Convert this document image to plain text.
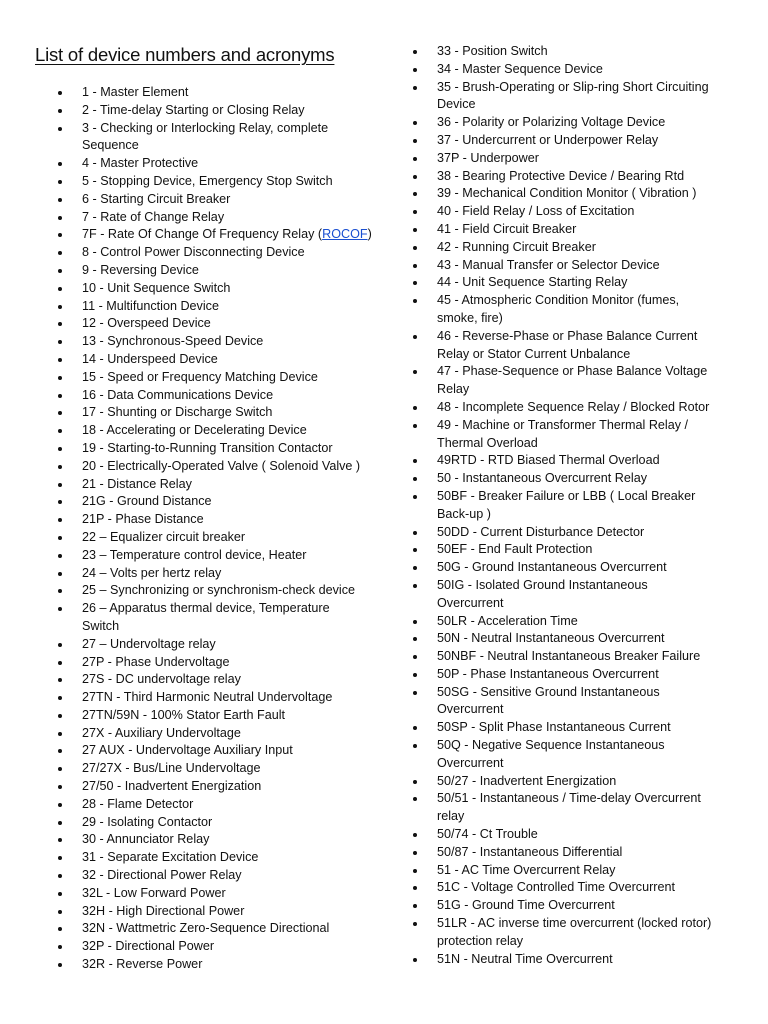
List of device numbers and acronyms
1 - Master Element
2 - Time-delay Starting or Closing Relay
3 - Checking or Interlocking Relay, complete
Sequence
4 - Master Protective
5 - Stopping Device, Emergency Stop Switch
6 - Starting Circuit Breaker
7 - Rate of Change Relay
7F - Rate Of Change Of Frequency Relay (ROCOF)
8 - Control Power Disconnecting Device
9 - Reversing Device
10 - Unit Sequence Switch
11 - Multifunction Device
12 - Overspeed Device
13 - Synchronous-Speed Device
14 - Underspeed Device
15 - Speed or Frequency Matching Device
16 - Data Communications Device
17 - Shunting or Discharge Switch
18 - Accelerating or Decelerating Device
19 - Starting-to-Running Transition Contactor
20 - Electrically-Operated Valve ( Solenoid Valve )
21 - Distance Relay
21G - Ground Distance
21P - Phase Distance
22 – Equalizer circuit breaker
23 – Temperature control device, Heater
24 – Volts per hertz relay
25 – Synchronizing or synchronism-check device
26 – Apparatus thermal device, Temperature
Switch
27 – Undervoltage relay
27P - Phase Undervoltage
27S - DC undervoltage relay
27TN - Third Harmonic Neutral Undervoltage
27TN/59N - 100% Stator Earth Fault
27X - Auxiliary Undervoltage
27 AUX - Undervoltage Auxiliary Input
27/27X - Bus/Line Undervoltage
27/50 - Inadvertent Energization
28 - Flame Detector
29 - Isolating Contactor
30 - Annunciator Relay
31 - Separate Excitation Device
32 - Directional Power Relay
32L - Low Forward Power
32H - High Directional Power
32N - Wattmetric Zero-Sequence Directional
32P - Directional Power
32R - Reverse Power
33 - Position Switch
34 - Master Sequence Device
35 - Brush-Operating or Slip-ring Short Circuiting
Device
36 - Polarity or Polarizing Voltage Device
37 - Undercurrent or Underpower Relay
37P - Underpower
38 - Bearing Protective Device / Bearing Rtd
39 - Mechanical Condition Monitor ( Vibration )
40 - Field Relay / Loss of Excitation
41 - Field Circuit Breaker
42 - Running Circuit Breaker
43 - Manual Transfer or Selector Device
44 - Unit Sequence Starting Relay
45 - Atmospheric Condition Monitor (fumes,
smoke, fire)
46 - Reverse-Phase or Phase Balance Current
Relay or Stator Current Unbalance
47 - Phase-Sequence or Phase Balance Voltage
Relay
48 - Incomplete Sequence Relay / Blocked Rotor
49 - Machine or Transformer Thermal Relay /
Thermal Overload
49RTD - RTD Biased Thermal Overload
50 - Instantaneous Overcurrent Relay
50BF - Breaker Failure or LBB ( Local Breaker
Back-up )
50DD - Current Disturbance Detector
50EF - End Fault Protection
50G - Ground Instantaneous Overcurrent
50IG - Isolated Ground Instantaneous
Overcurrent
50LR - Acceleration Time
50N - Neutral Instantaneous Overcurrent
50NBF - Neutral Instantaneous Breaker Failure
50P - Phase Instantaneous Overcurrent
50SG - Sensitive Ground Instantaneous
Overcurrent
50SP - Split Phase Instantaneous Current
50Q - Negative Sequence Instantaneous
Overcurrent
50/27 - Inadvertent Energization
50/51 - Instantaneous / Time-delay Overcurrent
relay
50/74 - Ct Trouble
50/87 - Instantaneous Differential
51 - AC Time Overcurrent Relay
51C - Voltage Controlled Time Overcurrent
51G - Ground Time Overcurrent
51LR - AC inverse time overcurrent (locked rotor)
protection relay
51N - Neutral Time Overcurrent
